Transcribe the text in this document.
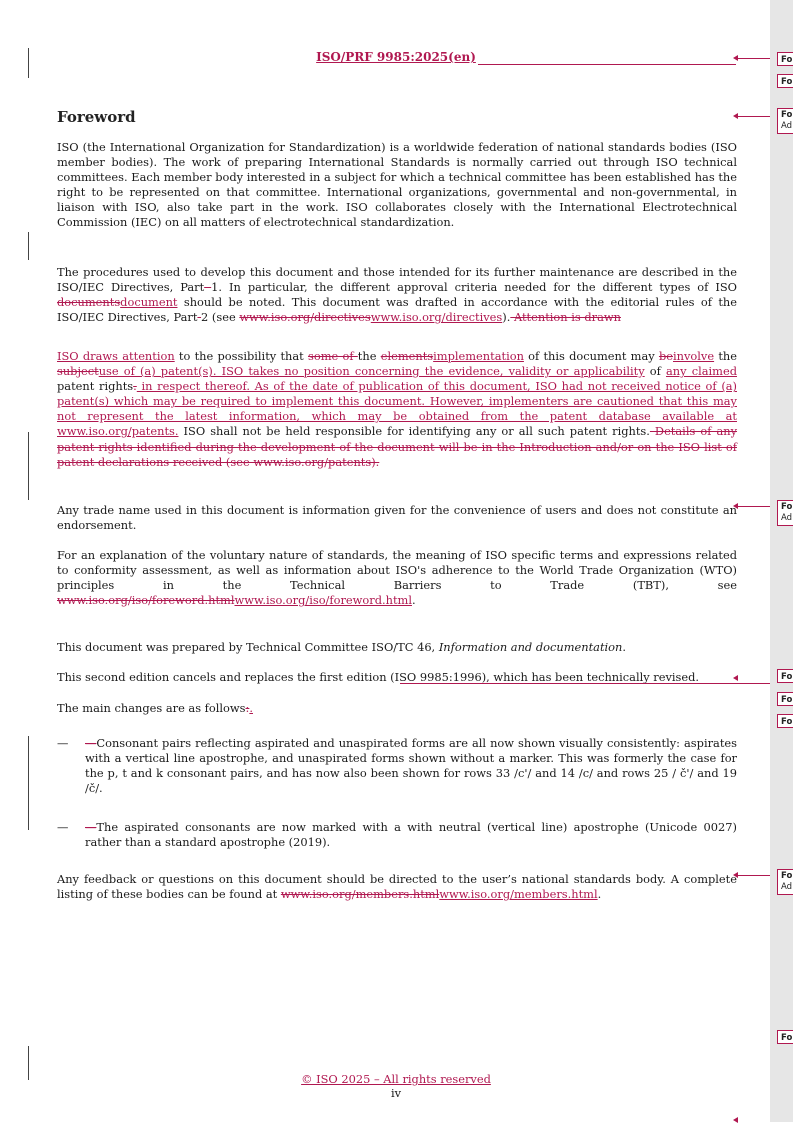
ISO/PRF 9985:2025(en)
Foreword
ISO (the International Organization for Standardization) is a worldwide federation of national standards bodies (ISO member bodies). The work of preparing International Standards is normally carried out through ISO technical committees. Each member body interested in a subject for which a technical committee has been established has the right to be represented on that committee. International organizations, governmental and non-governmental, in liaison with ISO, also take part in the work. ISO collaborates closely with the International Electrotechnical Commission (IEC) on all matters of electrotechnical standardization.
The procedures used to develop this document and those intended for its further maintenance are described in the ISO/IEC Directives, Part 1. In particular, the different approval criteria needed for the different types of ISO documentsdocument should be noted. This document was drafted in accordance with the editorial rules of the ISO/IEC Directives, Part 2 (see www.iso.org/directiveswww.iso.org/directives). Attention is drawn
ISO draws attention to the possibility that some of the elementsimplementation of this document may beinvolve the subjectuse of (a) patent(s). ISO takes no position concerning the evidence, validity or applicability of any claimed patent rights. in respect thereof. As of the date of publication of this document, ISO had not received notice of (a) patent(s) which may be required to implement this document. However, implementers are cautioned that this may not represent the latest information, which may be obtained from the patent database available at www.iso.org/patents. ISO shall not be held responsible for identifying any or all such patent rights. Details of any patent rights identified during the development of the document will be in the Introduction and/or on the ISO list of patent declarations received (see www.iso.org/patents).
Any trade name used in this document is information given for the convenience of users and does not constitute an endorsement.
For an explanation of the voluntary nature of standards, the meaning of ISO specific terms and expressions related to conformity assessment, as well as information about ISO's adherence to the World Trade Organization (WTO) principles in the Technical Barriers to Trade (TBT), see www.iso.org/iso/foreword.htmlwww.iso.org/iso/foreword.html.
This document was prepared by Technical Committee ISO/TC 46, Information and documentation.
This second edition cancels and replaces the first edition (ISO 9985:1996), which has been technically revised.
The main changes are as follows:.
— —Consonant pairs reflecting aspirated and unaspirated forms are all now shown visually consistently: aspirates with a vertical line apostrophe, and unaspirated forms shown without a marker. This was formerly the case for the p, t and k consonant pairs, and has now also been shown for rows 33 /c'/ and 14 /c/ and rows 25 / č'/ and 19 /č/.
— —The aspirated consonants are now marked with a with neutral (vertical line) apostrophe (Unicode 0027) rather than a standard apostrophe (2019).
Any feedback or questions on this document should be directed to the user’s national standards body. A complete listing of these bodies can be found at www.iso.org/members.htmlwww.iso.org/members.html.
© ISO 2025 – All rights reserved
iv
Fo
Fo
Fo
Ad
Fo
Ad
Fo
Fo
Fo
Fo
Ad
Fo
